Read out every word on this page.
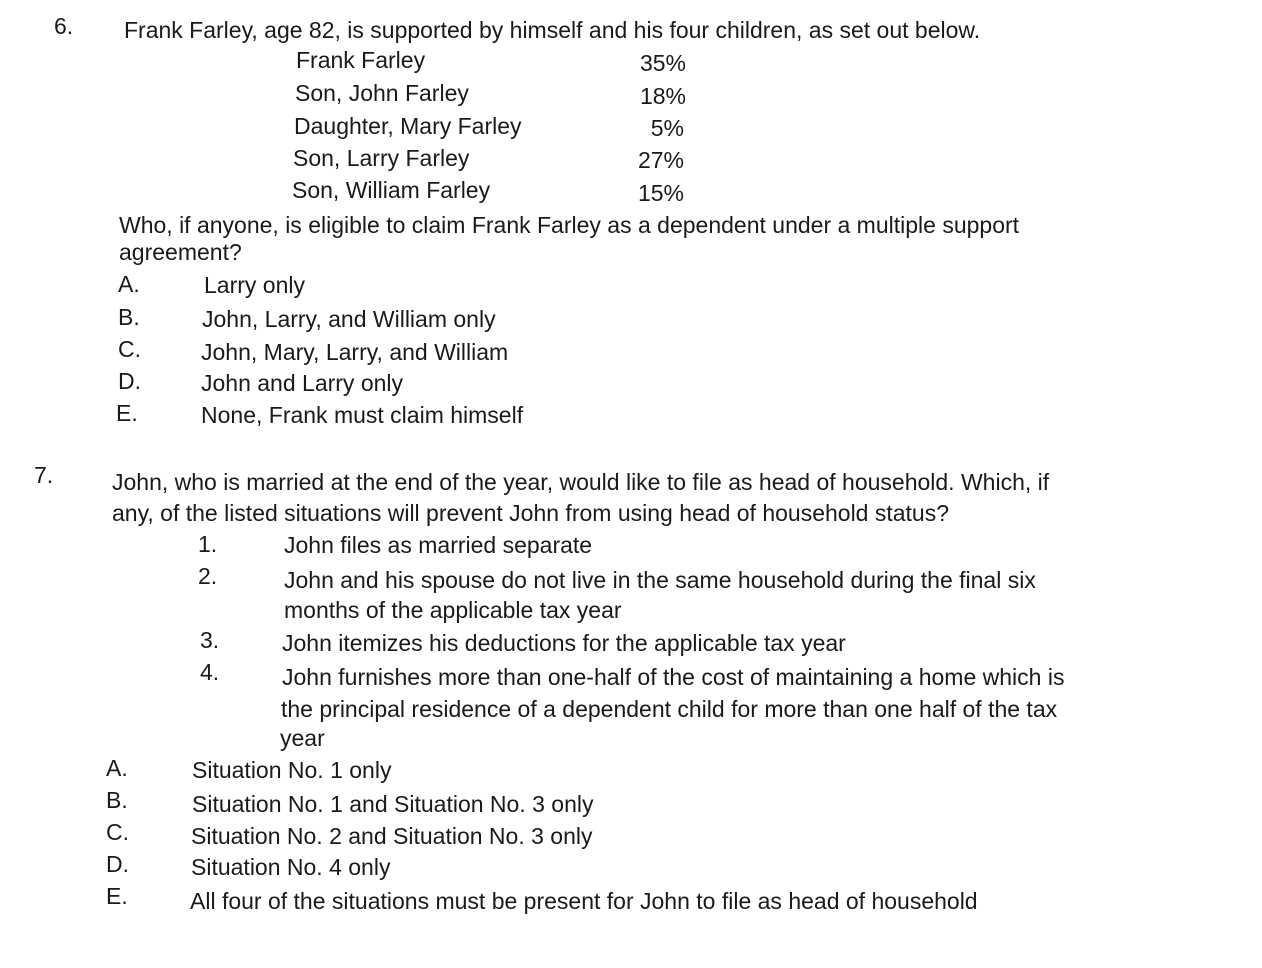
6. Frank Farley, age 82, is supported by himself and his four children, as set out below.
Frank Farley	35%
Son, John Farley	18%
Daughter, Mary Farley	5%
Son, Larry Farley	27%
Son, William Farley	15%
Who, if anyone, is eligible to claim Frank Farley as a dependent under a multiple support
agreement?
A.	Larry only
B.	John, Larry, and William only
C.	John, Mary, Larry, and William
D.	John and Larry only
E.	None, Frank must claim himself
7.	John, who is married at the end of the year, would like to file as head of household. Which, if
any, of the listed situations will prevent John from using head of household status?
1.	John files as married separate
2.	John and his spouse do not live in the same household during the final six
months of the applicable tax year
3.	John itemizes his deductions for the applicable tax year
4.	John furnishes more than one-half of the cost of maintaining a home which is
the principal residence of a dependent child for more than one half of the tax
year
A.	Situation No. 1 only
B.	Situation No. 1 and Situation No. 3 only
C.	Situation No. 2 and Situation No. 3 only
D.	Situation No. 4 only
E.	All four of the situations must be present for John to file as head of household
